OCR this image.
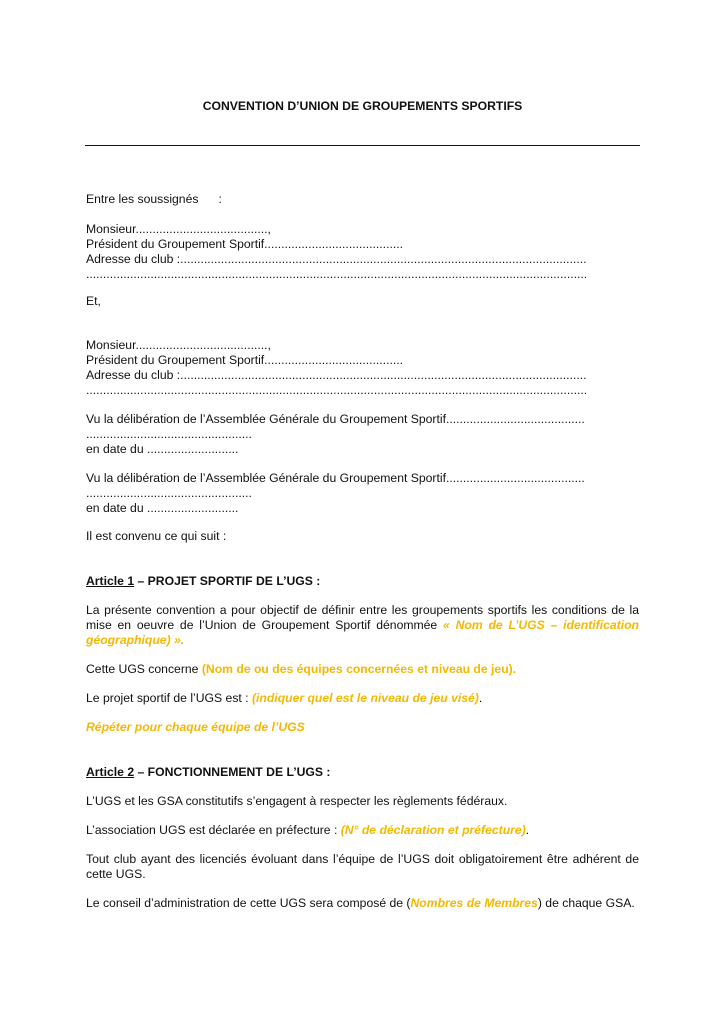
CONVENTION D’UNION DE GROUPEMENTS SPORTIFS
Entre les soussignés :
Monsieur.......................................,
Président du Groupement Sportif.........................................
Adresse du club :........................................................................................................................
....................................................................................................................................................
Et,
Monsieur.......................................,
Président du Groupement Sportif.........................................
Adresse du club :........................................................................................................................
....................................................................................................................................................
Vu la délibération de l’Assemblée Générale du Groupement Sportif.........................................
.................................................
en date du ...........................
Vu la délibération de l’Assemblée Générale du Groupement Sportif.........................................
.................................................
en date du ...........................
Il est convenu ce qui suit :
Article 1 – PROJET SPORTIF DE L’UGS :
La présente convention a pour objectif de définir entre les groupements sportifs les conditions de la mise en oeuvre de l’Union de Groupement Sportif dénommée « Nom de L’UGS – identification géographique) ».
Cette UGS concerne (Nom de ou des équipes concernées et niveau de jeu).
Le projet sportif de l’UGS est : (indiquer quel est le niveau de jeu visé).
Répéter pour chaque équipe de l’UGS
Article 2 – FONCTIONNEMENT DE L’UGS :
L’UGS et les GSA constitutifs s’engagent à respecter les règlements fédéraux.
L’association UGS est déclarée en préfecture : (N° de déclaration et préfecture).
Tout club ayant des licenciés évoluant dans l’équipe de l’UGS doit obligatoirement être adhérent de cette UGS.
Le conseil d’administration de cette UGS sera composé de (Nombres de Membres) de chaque GSA.
